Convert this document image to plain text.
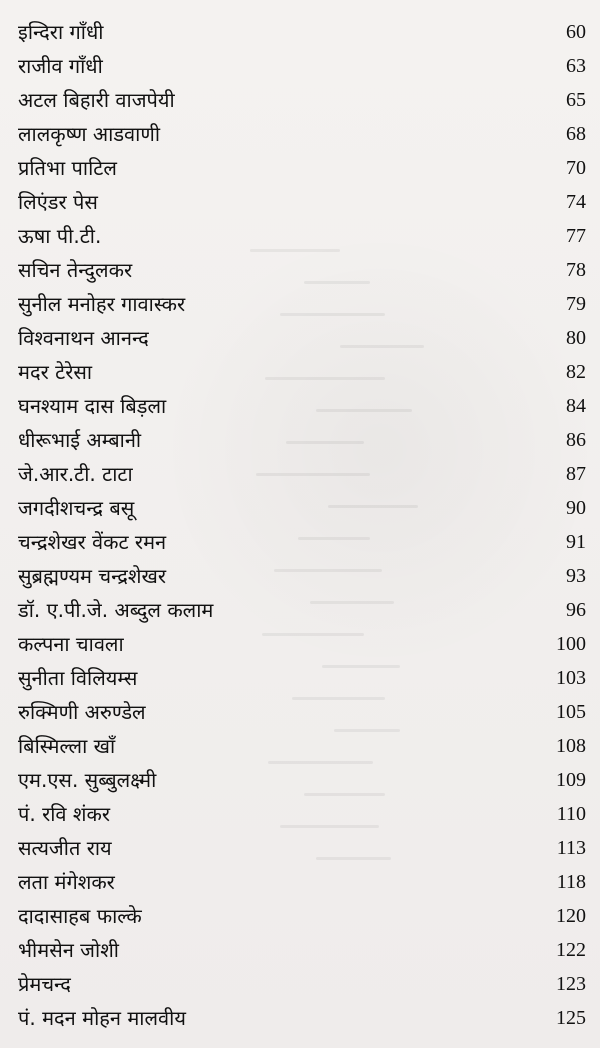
इन्दिरा गाँधी	60
राजीव गाँधी	63
अटल बिहारी वाजपेयी	65
लालकृष्ण आडवाणी	68
प्रतिभा पाटिल	70
लिएंडर पेस	74
ऊषा पी.टी.	77
सचिन तेन्दुलकर	78
सुनील मनोहर गावास्कर	79
विश्वनाथन आनन्द	80
मदर टेरेसा	82
घनश्याम दास बिड़ला	84
धीरूभाई अम्बानी	86
जे.आर.टी. टाटा	87
जगदीशचन्द्र बसू	90
चन्द्रशेखर वेंकट रमन	91
सुब्रह्मण्यम चन्द्रशेखर	93
डॉ. ए.पी.जे. अब्दुल कलाम	96
कल्पना चावला	100
सुनीता विलियम्स	103
रुक्मिणी अरुण्डेल	105
बिस्मिल्ला खाँ	108
एम.एस. सुब्बुलक्ष्मी	109
पं. रवि शंकर	110
सत्यजीत राय	113
लता मंगेशकर	118
दादासाहब फाल्के	120
भीमसेन जोशी	122
प्रेमचन्द	123
पं. मदन मोहन मालवीय	125
